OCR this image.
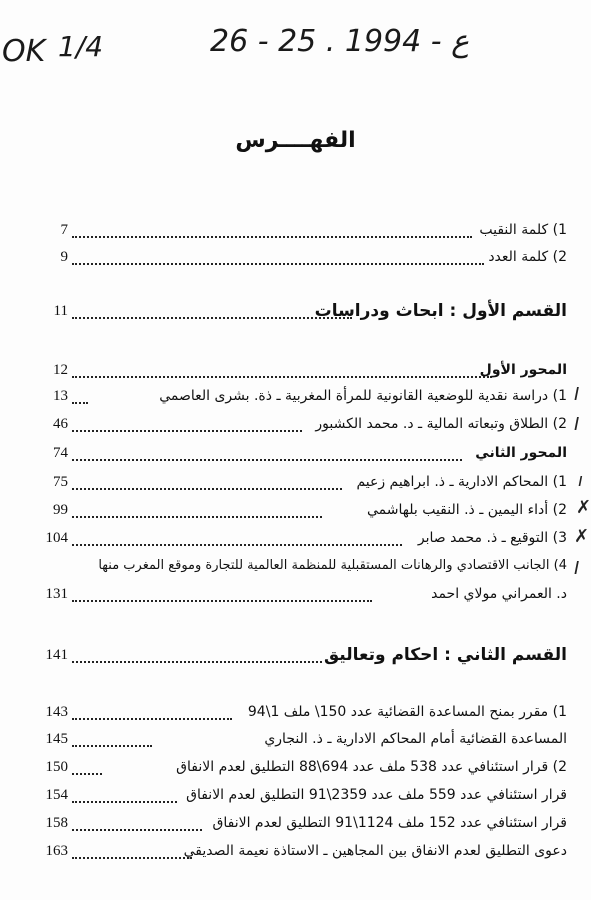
OK 1/4	26 - 25 . ع - 1994
الفهــــرس
7	1) كلمة النقيب
9	2) كلمة العدد
11	القسم الأول : ابحاث ودراسات
12	المحور الأول
13	1) دراسة نقدية للوضعية القانونية للمرأة المغربية ـ ذة. بشرى العاصمي
46	2) الطلاق وتبعاته المالية ـ د. محمد الكشبور
74	المحور الثاني
75	1) المحاكم الادارية ـ ذ. ابراهيم زعيم
99	2) أداء اليمين ـ ذ. النقيب بلهاشمي
104	3) التوقيع ـ ذ. محمد صابر
4) الجانب الاقتصادي والرهانات المستقبلية للمنظمة العالمية للتجارة وموقع المغرب منها
131	د. العمراني مولاي احمد
141	القسم الثاني : احكام وتعاليق
143	1) مقرر بمنح المساعدة القضائية عدد 150\ ملف 1\94
145	المساعدة القضائية أمام المحاكم الادارية ـ ذ. النجاري
150	2) قرار استئنافي عدد 538 ملف عدد 694\88 التطليق لعدم الانفاق
154	قرار استئنافي عدد 559 ملف عدد 2359\91 التطليق لعدم الانفاق
158	قرار استئنافي عدد 152 ملف 1124\91 التطليق لعدم الانفاق
163	دعوى التطليق لعدم الانفاق بين المجاهين ـ الاستاذة نعيمة الصديقي
I
I
ı
✗
✗
I
